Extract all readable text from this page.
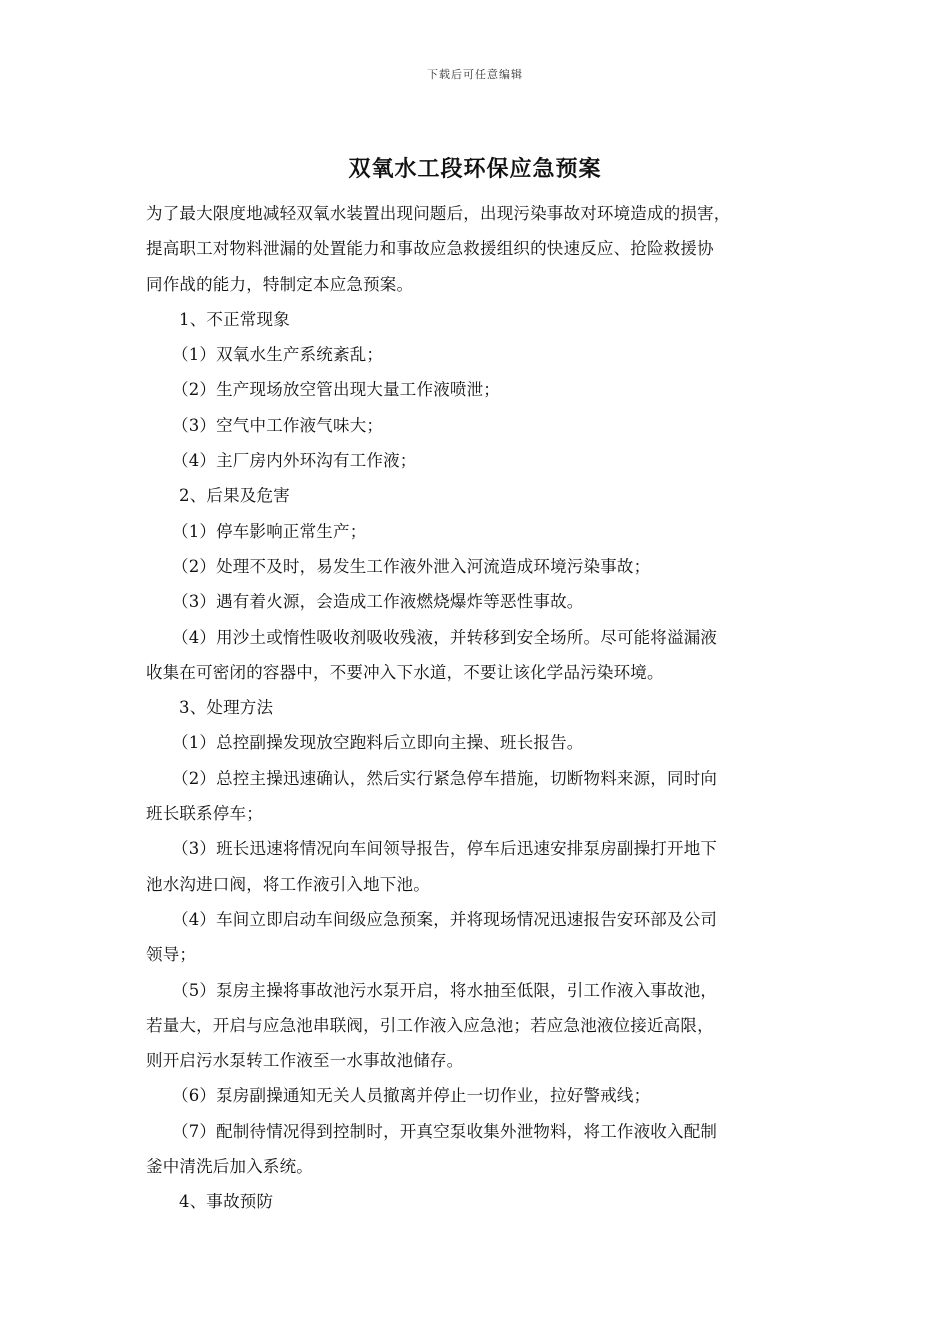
下载后可任意编辑
双氧水工段环保应急预案
为了最大限度地减轻双氧水装置出现问题后，出现污染事故对环境造成的损害，
提高职工对物料泄漏的处置能力和事故应急救援组织的快速反应、抢险救援协
同作战的能力，特制定本应急预案。
1、不正常现象
（1）双氧水生产系统紊乱；
（2）生产现场放空管出现大量工作液喷泄；
（3）空气中工作液气味大；
（4）主厂房内外环沟有工作液；
2、后果及危害
（1）停车影响正常生产；
（2）处理不及时，易发生工作液外泄入河流造成环境污染事故；
（3）遇有着火源，会造成工作液燃烧爆炸等恶性事故。
（4）用沙土或惰性吸收剂吸收残液，并转移到安全场所。尽可能将溢漏液
收集在可密闭的容器中，不要冲入下水道，不要让该化学品污染环境。
3、处理方法
（1）总控副操发现放空跑料后立即向主操、班长报告。
（2）总控主操迅速确认，然后实行紧急停车措施，切断物料来源，同时向
班长联系停车；
（3）班长迅速将情况向车间领导报告，停车后迅速安排泵房副操打开地下
池水沟进口阀，将工作液引入地下池。
（4）车间立即启动车间级应急预案，并将现场情况迅速报告安环部及公司
领导；
（5）泵房主操将事故池污水泵开启，将水抽至低限，引工作液入事故池，
若量大，开启与应急池串联阀，引工作液入应急池；若应急池液位接近高限，
则开启污水泵转工作液至一水事故池储存。
（6）泵房副操通知无关人员撤离并停止一切作业，拉好警戒线；
（7）配制待情况得到控制时，开真空泵收集外泄物料，将工作液收入配制
釜中清洗后加入系统。
4、事故预防
